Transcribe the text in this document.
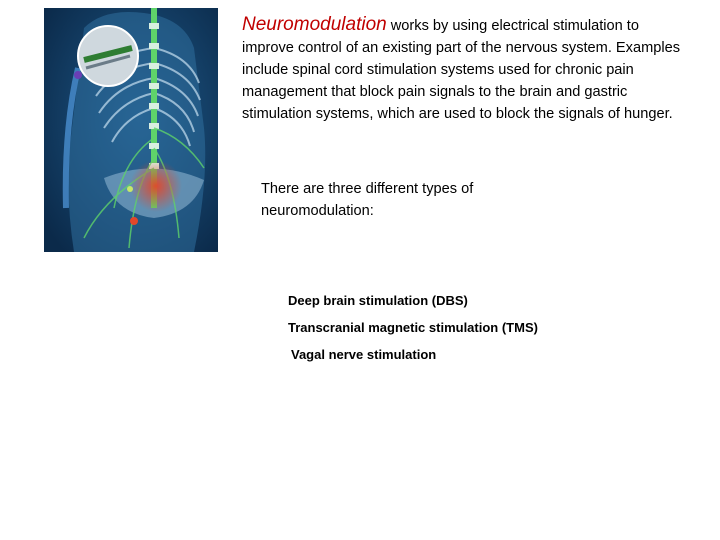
Neuromodulation works by using electrical stimulation to improve control of an existing part of the nervous system. Examples include spinal cord stimulation systems used for chronic pain management that block pain signals to the brain and gastric stimulation systems, which are used to block the signals of hunger.
There are three different types of neuromodulation:
Deep brain stimulation (DBS)
Transcranial magnetic stimulation (TMS)
Vagal nerve stimulation
